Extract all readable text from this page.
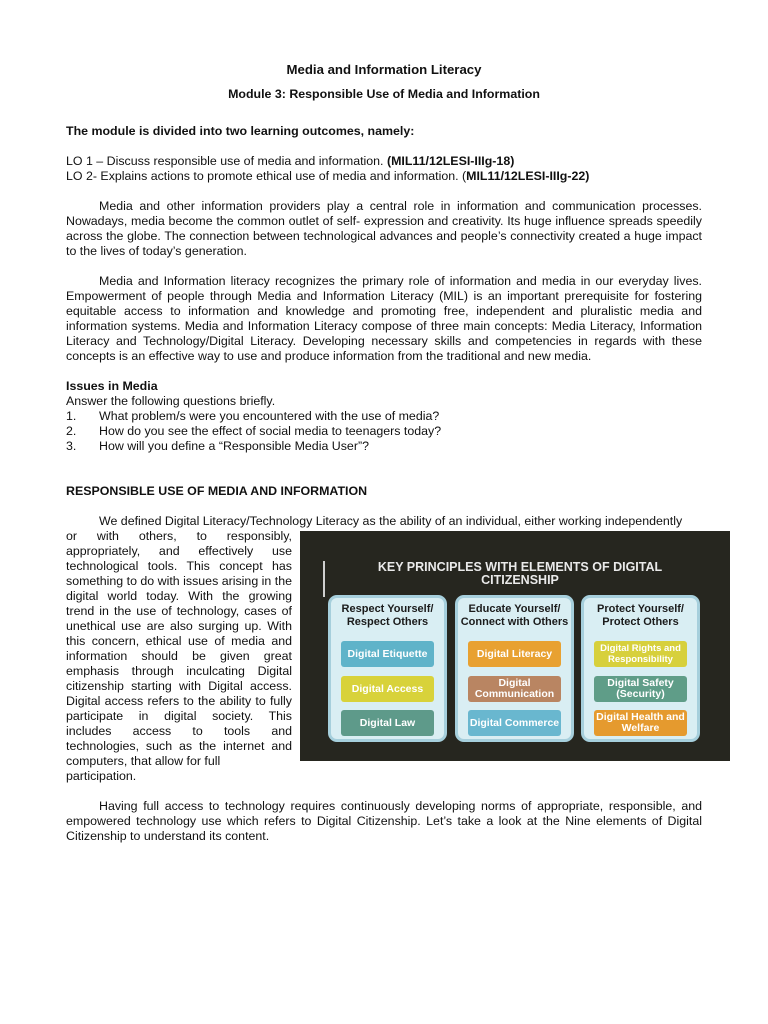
Media and Information Literacy

Module 3: Responsible Use of Media and Information

The module is divided into two learning outcomes, namely:

LO 1 – Discuss responsible use of media and information. (MIL11/12LESI-IIIg-18)

LO 2- Explains actions to promote ethical use of media and information. (MIL11/12LESI-IIIg-22)

Media and other information providers play a central role in information and communication processes. Nowadays, media become the common outlet of self- expression and creativity. Its huge influence spreads speedily across the globe. The connection between technological advances and people’s connectivity created a huge impact to the lives of today’s generation.

Media and Information literacy recognizes the primary role of information and media in our everyday lives. Empowerment of people through Media and Information Literacy (MIL) is an important prerequisite for fostering equitable access to information and knowledge and promoting free, independent and pluralistic media and information systems. Media and Information Literacy compose of three main concepts: Media Literacy, Information Literacy and Technology/Digital Literacy. Developing necessary skills and competencies in regards with these concepts is an effective way to use and produce information from the traditional and new media.

Issues in Media

Answer the following questions briefly.

1.	What problem/s were you encountered with the use of media?
2.	How do you see the effect of social media to teenagers today?
3.	How will you define a “Responsible Media User”?

RESPONSIBLE USE OF MEDIA AND INFORMATION

We defined Digital Literacy/Technology Literacy as the ability of an individual, either working independently

KEY PRINCIPLES WITH ELEMENTS OF DIGITAL
CITIZENSHIP
Respect Yourself/
Respect Others
Digital Etiquette
Digital Access
Digital Law
Educate Yourself/
Connect with Others
Digital Literacy
Digital Communication
Digital Commerce
Protect Yourself/
Protect Others
Digital Rights and Responsibility
Digital Safety (Security)
Digital Health and Welfare

or with others, to responsibly, appropriately, and effectively use technological tools. This concept has something to do with issues arising in the digital world today. With the growing trend in the use of technology, cases of unethical use are also surging up. With this concern, ethical use of media and information should be given great emphasis through inculcating Digital citizenship starting with Digital access. Digital access refers to the ability to fully participate in digital society. This includes access to tools and technologies, such as the internet and computers, that allow for full

participation.

Having full access to technology requires continuously developing norms of appropriate, responsible, and empowered technology use which refers to Digital Citizenship. Let’s take a look at the Nine elements of Digital Citizenship to understand its content.
